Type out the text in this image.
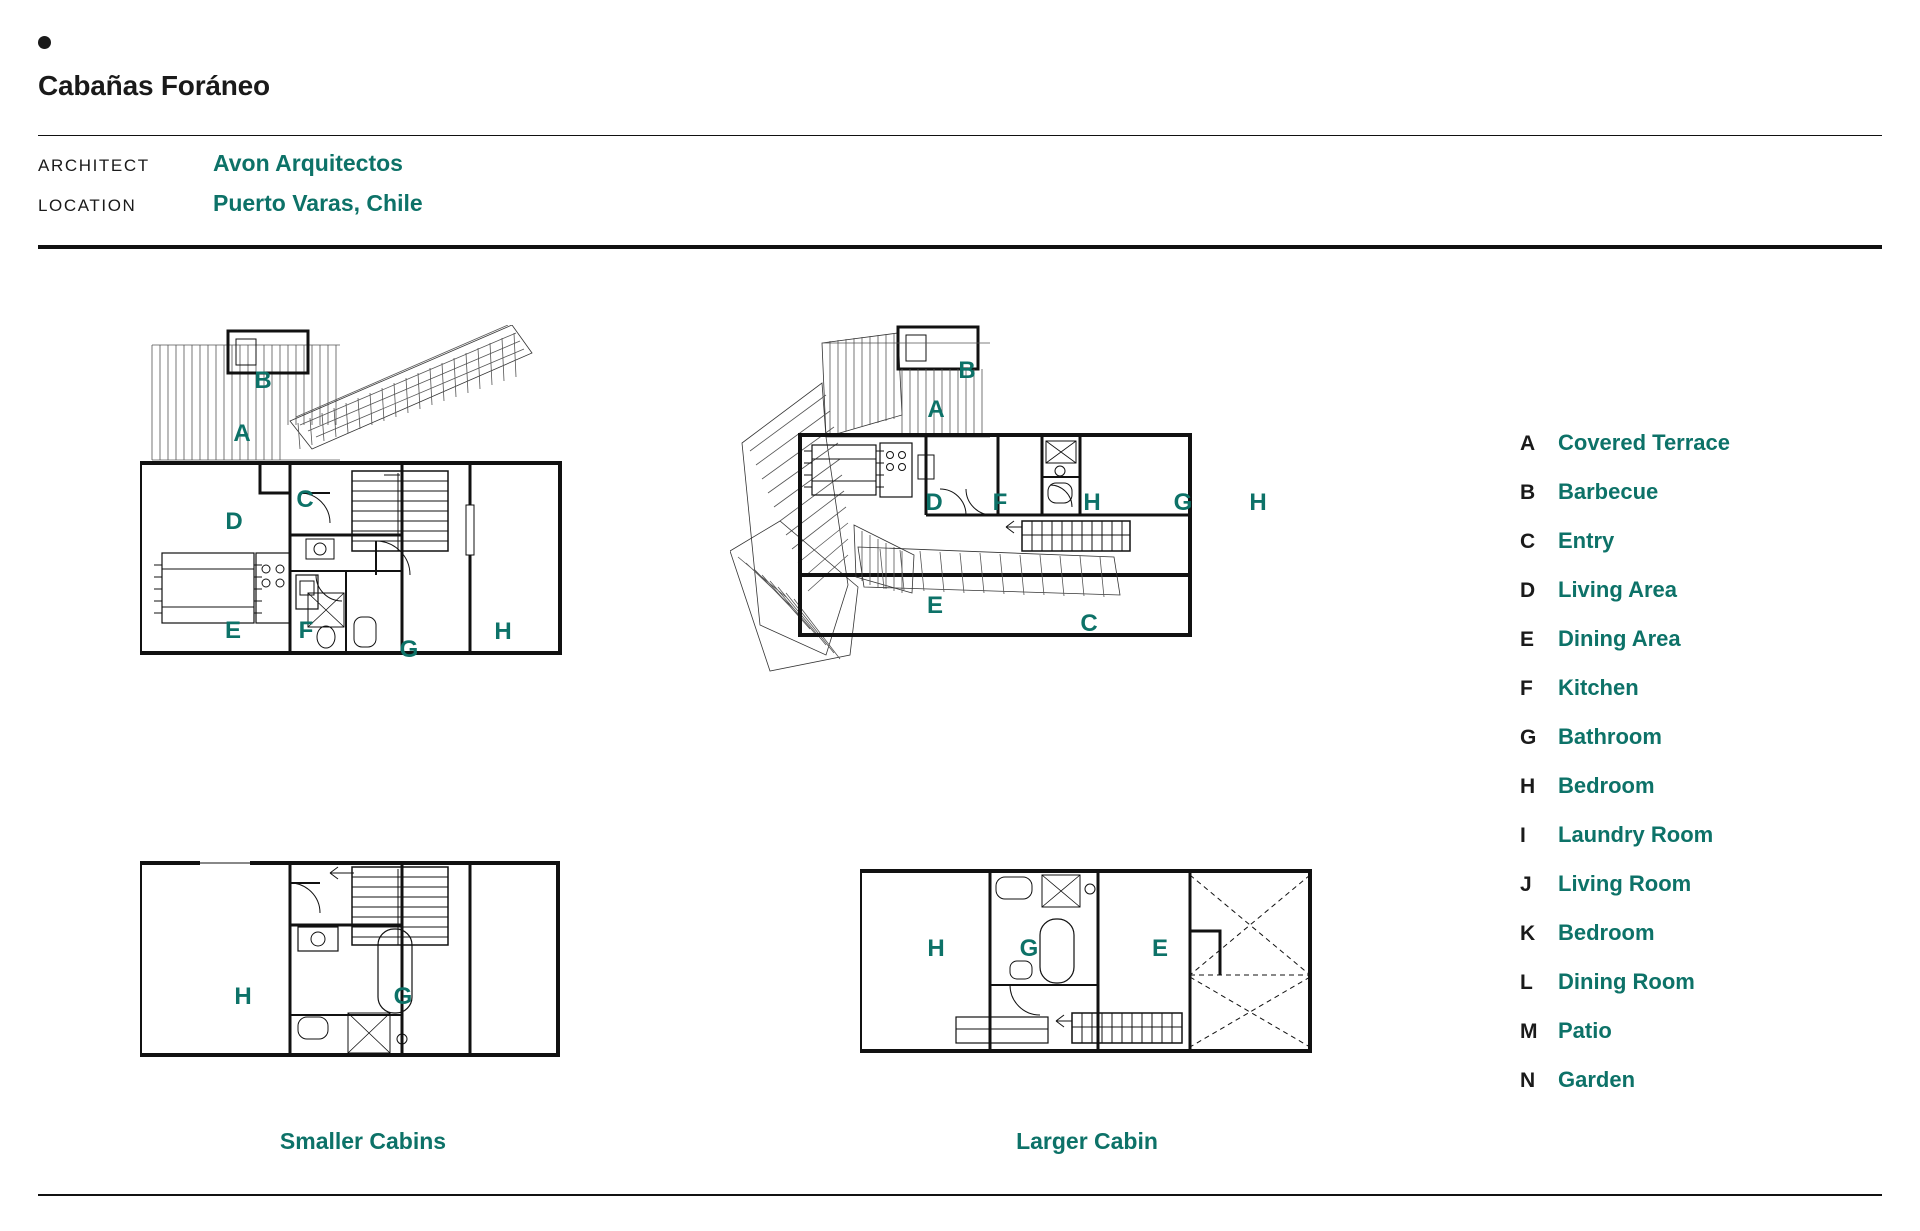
Cabañas Foráneo
ARCHITECT	Avon Arquitectos
LOCATION	Puerto Varas, Chile
B
A
C
D
E F
G
H
H	G
B
A
D F	H	G H
E
C
H	G	E
Smaller Cabins	Larger Cabin
A	Covered Terrace
B	Barbecue
C	Entry
D	Living Area
E	Dining Area
F	Kitchen
G Bathroom
H	Bedroom
I	Laundry Room
J	Living Room
K	Bedroom
L	Dining Room
M Patio
N	Garden
